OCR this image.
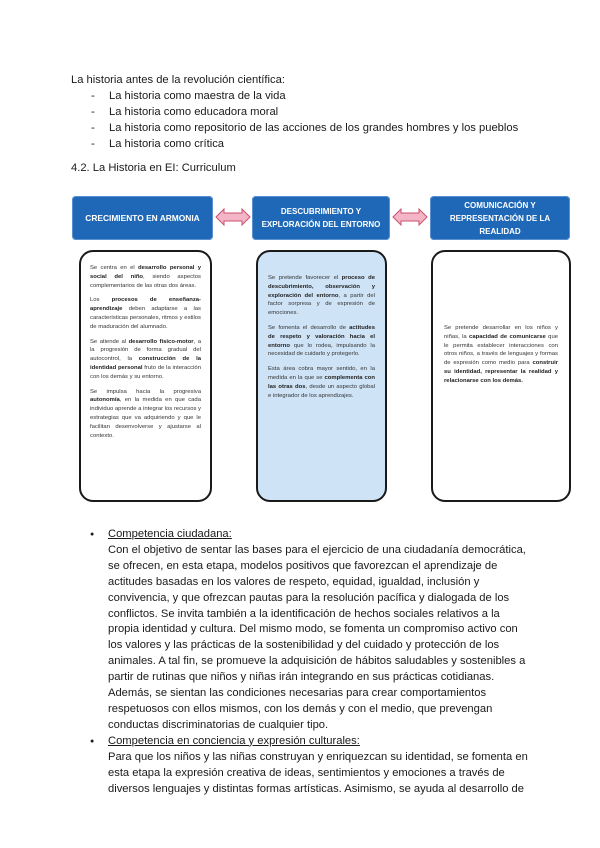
La historia antes de la revolución científica:
- La historia como maestra de la vida
- La historia como educadora moral
- La historia como repositorio de las acciones de los grandes hombres y los pueblos
- La historia como crítica
4.2. La Historia en EI: Curriculum
CRECIMIENTO EN ARMONIA
DESCUBRIMIENTO Y
EXPLORACIÓN DEL ENTORNO
COMUNICACIÓN Y
REPRESENTACIÓN DE LA REALIDAD

Se centra en el desarrollo personal y social del niño, siendo aspectos complementarios de las otras dos áreas.

Los procesos de enseñanza-aprendizaje deben adaptarse a las características personales, ritmos y estilos de maduración del alumnado.

Se atiende al desarrollo físico-motor, a la progresión de forma gradual del autocontrol, la construcción de la identidad personal fruto de la interacción con los demás y su entorno.

Se impulsa hacia la progresiva autonomía, en la medida en que cada individuo aprende a integrar los recursos y estrategias que va adquiriendo y que le facilitan desenvolverse y ajustarse al contexto.

Se pretende favorecer el proceso de descubrimiento, observación y exploración del entorno, a partir del factor sorpresa y de expresión de emociones.

Se fomenta el desarrollo de actitudes de respeto y valoración hacia el entorno que lo rodea, impulsando la necesidad de cuidarlo y protegerlo.

Esta área cobra mayor sentido, en la medida en la que se complementa con las otras dos, desde un aspecto global e integrador de los aprendizajes.

Se pretende desarrollar en los niños y niñas, la capacidad de comunicarse que le permita establecer interacciones con otros niños, a través de lenguajes y formas de expresión como medio para construir su identidad, representar la realidad y relacionarse con los demás.

● Competencia ciudadana:
Con el objetivo de sentar las bases para el ejercicio de una ciudadanía democrática, se ofrecen, en esta etapa, modelos positivos que favorezcan el aprendizaje de actitudes basadas en los valores de respeto, equidad, igualdad, inclusión y convivencia, y que ofrezcan pautas para la resolución pacífica y dialogada de los conflictos. Se invita también a la identificación de hechos sociales relativos a la propia identidad y cultura. Del mismo modo, se fomenta un compromiso activo con los valores y las prácticas de la sostenibilidad y del cuidado y protección de los animales. A tal fin, se promueve la adquisición de hábitos saludables y sostenibles a partir de rutinas que niños y niñas irán integrando en sus prácticas cotidianas. Además, se sientan las condiciones necesarias para crear comportamientos respetuosos con ellos mismos, con los demás y con el medio, que prevengan conductas discriminatorias de cualquier tipo.
● Competencia en conciencia y expresión culturales:
Para que los niños y las niñas construyan y enriquezcan su identidad, se fomenta en esta etapa la expresión creativa de ideas, sentimientos y emociones a través de diversos lenguajes y distintas formas artísticas. Asimismo, se ayuda al desarrollo de
